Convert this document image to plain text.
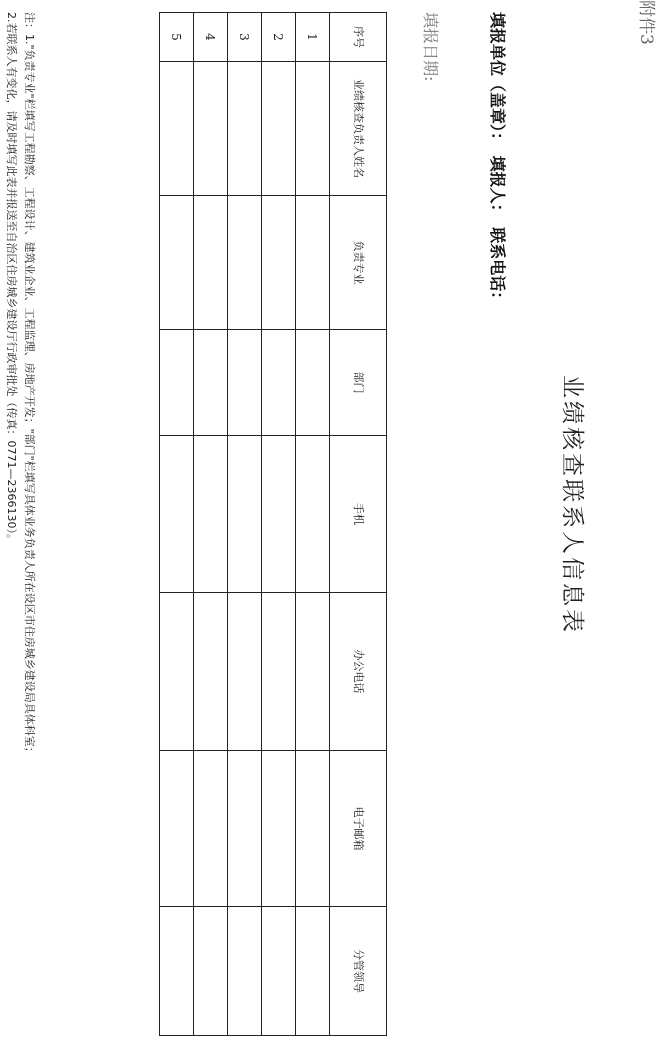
附件3
业绩核查联系人信息表
填报单位（盖章）： 填报人： 联系电话：
填报日期:
序号	业绩核查负责人姓名	负责专业	部门	手机	办公电话	电子邮箱	分管领导

1							
2							
3							
4							
5							
注：1."负责专业"栏填写工程勘察、工程设计、建筑业企业、工程监理、房地产开发；"部门"栏填写具体业务负责人所在设区市住房城乡建设局具体科室；
2.若联系人有变化，请及时填写此表并报送至自治区住房城乡建设厅行政审批处（传真：0771—2366130）。
